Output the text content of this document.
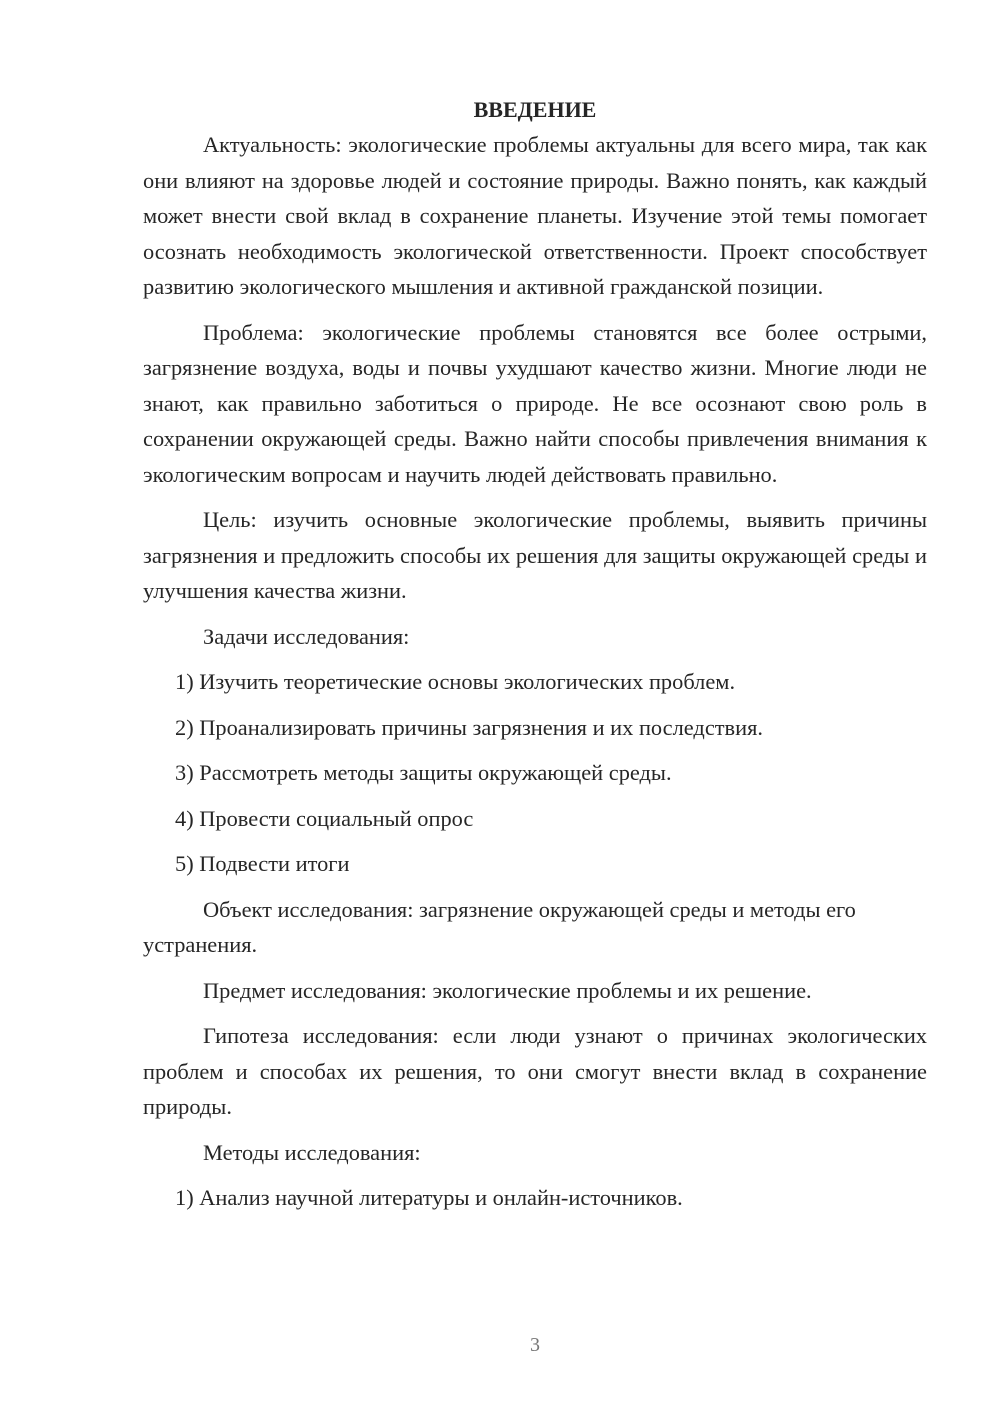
ВВЕДЕНИЕ

Актуальность: экологические проблемы актуальны для всего мира, так как они влияют на здоровье людей и состояние природы. Важно понять, как каждый может внести свой вклад в сохранение планеты. Изучение этой темы помогает осознать необходимость экологической ответственности. Проект способствует развитию экологического мышления и активной гражданской позиции.

Проблема: экологические проблемы становятся все более острыми, загрязнение воздуха, воды и почвы ухудшают качество жизни. Многие люди не знают, как правильно заботиться о природе. Не все осознают свою роль в сохранении окружающей среды. Важно найти способы привлечения внимания к экологическим вопросам и научить людей действовать правильно.

Цель: изучить основные экологические проблемы, выявить причины загрязнения и предложить способы их решения для защиты окружающей среды и улучшения качества жизни.

Задачи исследования:

1) Изучить теоретические основы экологических проблем.

2) Проанализировать причины загрязнения и их последствия.

3) Рассмотреть методы защиты окружающей среды.

4) Провести социальный опрос

5) Подвести итоги

Объект исследования: загрязнение окружающей среды и методы его устранения.

Предмет исследования: экологические проблемы и их решение.

Гипотеза исследования: если люди узнают о причинах экологических проблем и способах их решения, то они смогут внести вклад в сохранение природы.

Методы исследования:

1) Анализ научной литературы и онлайн-источников.

3
